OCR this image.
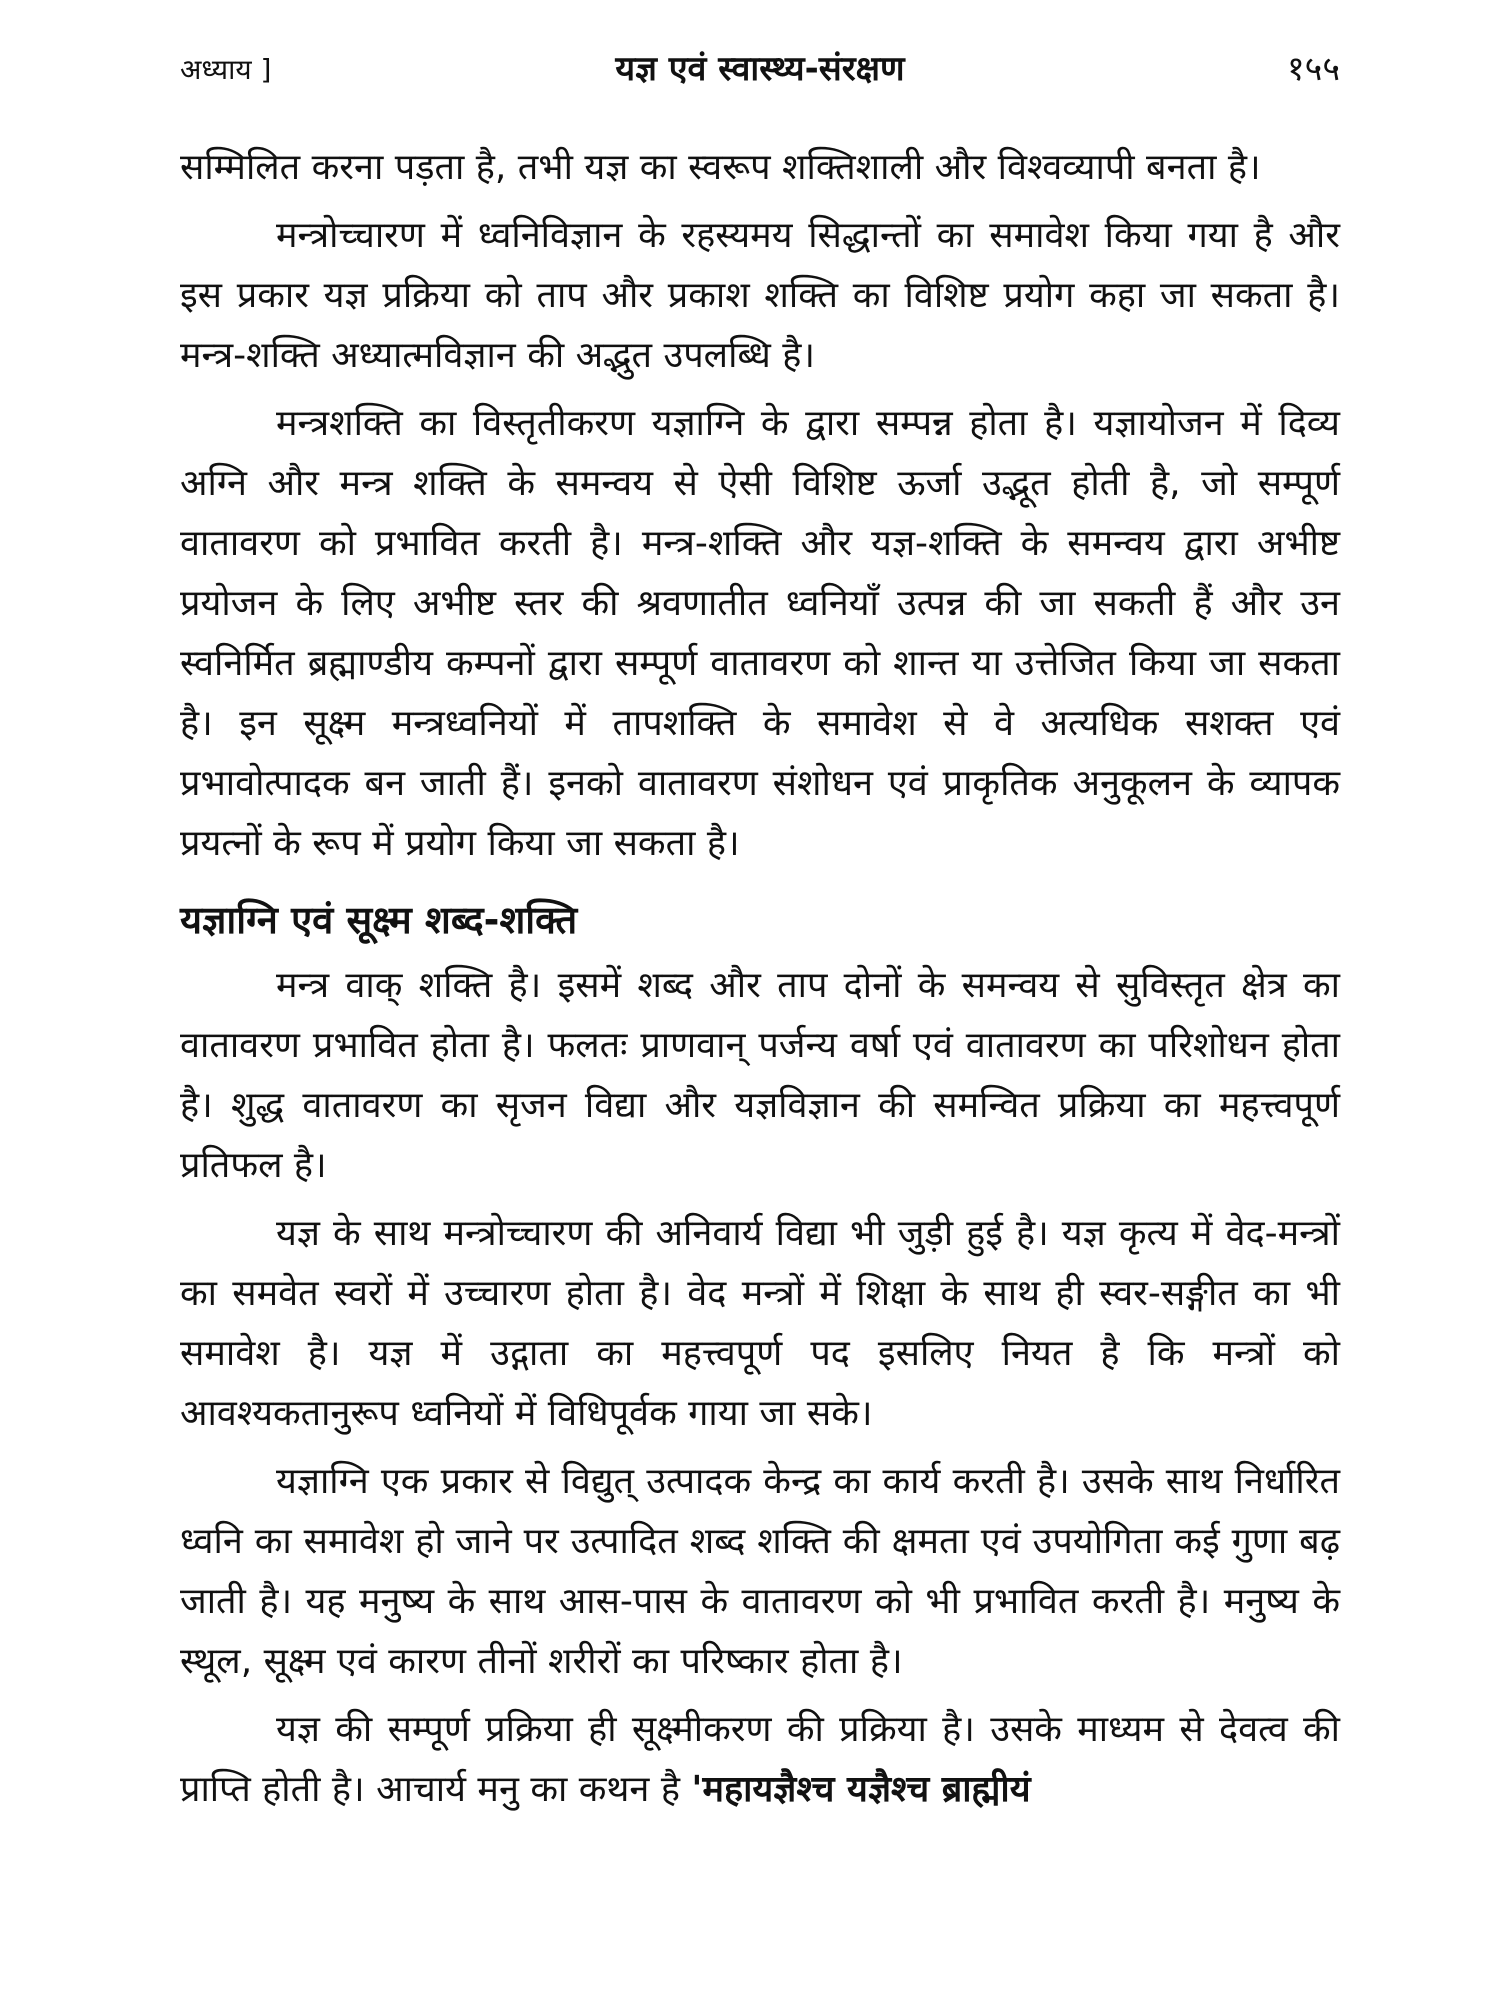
अध्याय ]	यज्ञ एवं स्वास्थ्य-संरक्षण	१५५

सम्मिलित करना पड़ता है, तभी यज्ञ का स्वरूप शक्तिशाली और विश्वव्यापी बनता है।

मन्त्रोच्चारण में ध्वनिविज्ञान के रहस्यमय सिद्धान्तों का समावेश किया गया है और इस प्रकार यज्ञ प्रक्रिया को ताप और प्रकाश शक्ति का विशिष्ट प्रयोग कहा जा सकता है। मन्त्र-शक्ति अध्यात्मविज्ञान की अद्भुत उपलब्धि है।

मन्त्रशक्ति का विस्तृतीकरण यज्ञाग्नि के द्वारा सम्पन्न होता है। यज्ञायोजन में दिव्य अग्नि और मन्त्र शक्ति के समन्वय से ऐसी विशिष्ट ऊर्जा उद्भूत होती है, जो सम्पूर्ण वातावरण को प्रभावित करती है। मन्त्र-शक्ति और यज्ञ-शक्ति के समन्वय द्वारा अभीष्ट प्रयोजन के लिए अभीष्ट स्तर की श्रवणातीत ध्वनियाँ उत्पन्न की जा सकती हैं और उन स्वनिर्मित ब्रह्माण्डीय कम्पनों द्वारा सम्पूर्ण वातावरण को शान्त या उत्तेजित किया जा सकता है। इन सूक्ष्म मन्त्रध्वनियों में तापशक्ति के समावेश से वे अत्यधिक सशक्त एवं प्रभावोत्पादक बन जाती हैं। इनको वातावरण संशोधन एवं प्राकृतिक अनुकूलन के व्यापक प्रयत्नों के रूप में प्रयोग किया जा सकता है।

यज्ञाग्नि एवं सूक्ष्म शब्द-शक्ति

मन्त्र वाक् शक्ति है। इसमें शब्द और ताप दोनों के समन्वय से सुविस्तृत क्षेत्र का वातावरण प्रभावित होता है। फलतः प्राणवान् पर्जन्य वर्षा एवं वातावरण का परिशोधन होता है। शुद्ध वातावरण का सृजन विद्या और यज्ञविज्ञान की समन्वित प्रक्रिया का महत्त्वपूर्ण प्रतिफल है।

यज्ञ के साथ मन्त्रोच्चारण की अनिवार्य विद्या भी जुड़ी हुई है। यज्ञ कृत्य में वेद-मन्त्रों का समवेत स्वरों में उच्चारण होता है। वेद मन्त्रों में शिक्षा के साथ ही स्वर-सङ्गीत का भी समावेश है। यज्ञ में उद्गाता का महत्त्वपूर्ण पद इसलिए नियत है कि मन्त्रों को आवश्यकतानुरूप ध्वनियों में विधिपूर्वक गाया जा सके।

यज्ञाग्नि एक प्रकार से विद्युत् उत्पादक केन्द्र का कार्य करती है। उसके साथ निर्धारित ध्वनि का समावेश हो जाने पर उत्पादित शब्द शक्ति की क्षमता एवं उपयोगिता कई गुणा बढ़ जाती है। यह मनुष्य के साथ आस-पास के वातावरण को भी प्रभावित करती है। मनुष्य के स्थूल, सूक्ष्म एवं कारण तीनों शरीरों का परिष्कार होता है।

यज्ञ की सम्पूर्ण प्रक्रिया ही सूक्ष्मीकरण की प्रक्रिया है। उसके माध्यम से देवत्व की प्राप्ति होती है। आचार्य मनु का कथन है 'महायज्ञैश्च यज्ञैश्च ब्राह्मीयं
